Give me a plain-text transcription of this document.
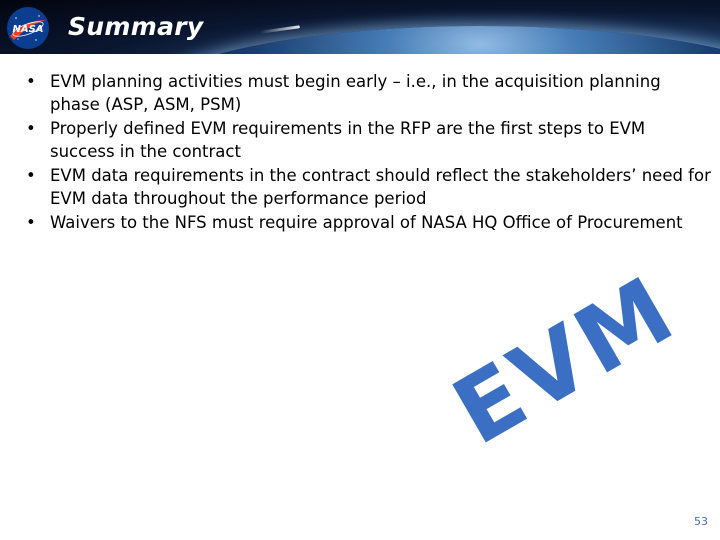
NASA Summary
• EVM planning activities must begin early – i.e., in the acquisition planning phase (ASP, ASM, PSM)
• Properly defined EVM requirements in the RFP are the first steps to EVM success in the contract
• EVM data requirements in the contract should reflect the stakeholders’ need for EVM data throughout the performance period
• Waivers to the NFS must require approval of NASA HQ Office of Procurement
EVM
53
